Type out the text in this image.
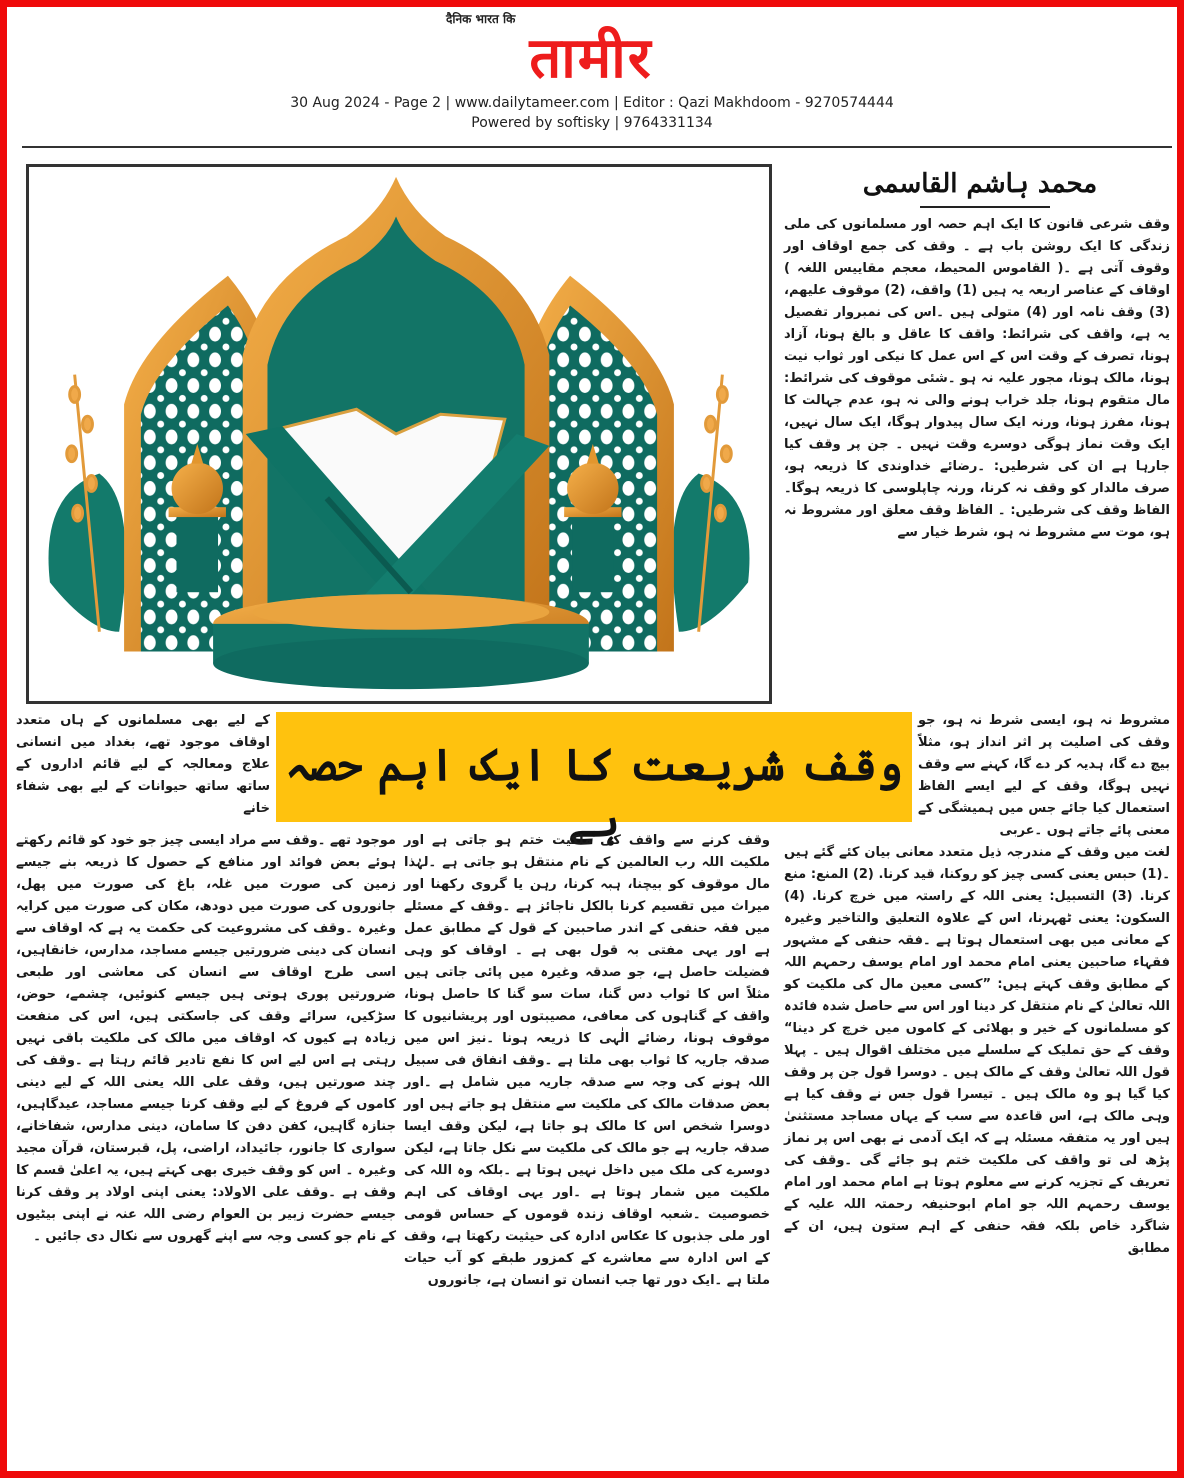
दैनिक भारत कि
तामीर
30 Aug 2024 - Page 2 | www.dailytameer.com | Editor : Qazi Makhdoom - 9270574444
Powered by softisky | 9764331134
محمد ہاشم القاسمی

وقف شرعی قانون کا ایک اہم حصہ اور مسلمانوں کی ملی زندگی کا ایک روشن باب ہے ۔ وقف کی جمع اوقاف اور وقوف آتی ہے ۔( القاموس المحیط، معجم مقاییس اللغہ ) اوقاف کے عناصر اربعہ یہ ہیں (1) واقف، (2) موقوف علیھم، (3) وقف نامہ اور (4) متولی ہیں ۔اس کی نمبروار تفصیل یہ ہے، واقف کی شرائط: واقف کا عاقل و بالغ ہونا، آزاد ہونا، تصرف کے وقت اس کے اس عمل کا نیکی اور ثواب نیت ہونا، مالک ہونا، مجور علیہ نہ ہو ۔شئی موقوف کی شرائط: مال متقوم ہونا، جلد خراب ہونے والی نہ ہو، عدم جہالت کا ہونا، مفرز ہونا، ورنہ ایک سال پیدوار ہوگا، ایک سال نہیں، ایک وقت نماز ہوگی دوسرے وقت نہیں ۔ جن پر وقف کیا جارہا ہے ان کی شرطیں: ۔رضائے خداوندی کا ذریعہ ہو، صرف مالدار کو وقف نہ کرنا، ورنہ چاپلوسی کا ذریعہ ہوگا۔ الفاظ وقف کی شرطیں: ۔ الفاظ وقف معلق اور مشروط نہ ہو، موت سے مشروط نہ ہو، شرط خیار سے

وقف شریعت کا ایک اہم حصہ ہے

مشروط نہ ہو، ایسی شرط نہ ہو، جو وقف کی اصلیت پر اثر انداز ہو، مثلاً بیچ دے گا، ہدیہ کر دے گا، کہنے سے وقف نہیں ہوگا، وقف کے لیے ایسے الفاظ استعمال کیا جائے جس میں ہمیشگی کے معنی پائے جاتے ہوں ۔عربی

لغت میں وقف کے مندرجہ ذیل متعدد معانی بیان کئے گئے ہیں ۔(1) حبس یعنی کسی چیز کو روکنا، قید کرنا. (2) المنع: منع کرنا. (3) التسبیل: یعنی اللہ کے راستہ میں خرچ کرنا. (4) السکون: یعنی ٹھہرنا، اس کے علاوہ التعلیق والتاخیر وغیرہ کے معانی میں بھی استعمال ہوتا ہے ۔فقہ حنفی کے مشہور فقہاء صاحبین یعنی امام محمد اور امام یوسف رحمہم اللہ کے مطابق وقف کہتے ہیں: ”کسی معین مال کی ملکیت کو اللہ تعالیٰ کے نام منتقل کر دینا اور اس سے حاصل شدہ فائدہ کو مسلمانوں کے خیر و بھلائی کے کاموں میں خرچ کر دینا“ وقف کے حق تملیک کے سلسلے میں مختلف اقوال ہیں ۔ پہلا قول اللہ تعالیٰ وقف کے مالک ہیں ۔ دوسرا قول جن پر وقف کیا گیا ہو وہ مالک ہیں ۔ تیسرا قول جس نے وقف کیا ہے وہی مالک ہے، اس قاعدہ سے سب کے یہاں مساجد مستثنیٰ ہیں اور یہ متفقہ مسئلہ ہے کہ ایک آدمی نے بھی اس پر نماز پڑھ لی تو واقف کی ملکیت ختم ہو جائے گی ۔وقف کی تعریف کے تجزیہ کرنے سے معلوم ہوتا ہے امام محمد اور امام یوسف رحمہم اللہ جو امام ابوحنیفہ رحمتہ اللہ علیہ کے شاگرد خاص بلکہ فقہ حنفی کے اہم ستون ہیں، ان کے مطابق

وقف کرنے سے واقف کی ملکیت ختم ہو جاتی ہے اور ملکیت اللہ رب العالمین کے نام منتقل ہو جاتی ہے ۔لہٰذا مال موقوف کو بیچنا، ہبہ کرنا، رہن یا گروی رکھنا اور میراث میں تقسیم کرنا بالکل ناجائز ہے ۔وقف کے مسئلے میں فقہ حنفی کے اندر صاحبین کے قول کے مطابق عمل ہے اور یہی مفتی بہ قول بھی ہے ۔ اوقاف کو وہی فضیلت حاصل ہے، جو صدقہ وغیرہ میں پائی جاتی ہیں مثلاً اس کا ثواب دس گنا، سات سو گنا کا حاصل ہونا، واقف کے گناہوں کی معافی، مصیبتوں اور پریشانیوں کا موقوف ہونا، رضائے الٰہی کا ذریعہ ہونا ۔نیز اس میں صدقہ جاریہ کا ثواب بھی ملتا ہے ۔وقف انفاق فی سبیل اللہ ہونے کی وجہ سے صدقہ جاریہ میں شامل ہے ۔اور بعض صدقات مالک کی ملکیت سے منتقل ہو جاتے ہیں اور دوسرا شخص اس کا مالک ہو جاتا ہے، لیکن وقف ایسا صدقہ جاریہ ہے جو مالک کی ملکیت سے نکل جاتا ہے، لیکن دوسرے کی ملک میں داخل نہیں ہوتا ہے ۔بلکہ وہ اللہ کی ملکیت میں شمار ہوتا ہے ۔اور یہی اوقاف کی اہم خصوصیت ۔شعبہ اوقاف زندہ قوموں کے حساس قومی اور ملی جذبوں کا عکاس ادارہ کی حیثیت رکھتا ہے، وقف کے اس ادارہ سے معاشرے کے کمزور طبقے کو آب حیات ملتا ہے ۔ایک دور تھا جب انسان تو انسان ہے، جانوروں

کے لیے بھی مسلمانوں کے ہاں متعدد اوقاف موجود تھے، بغداد میں انسانی علاج ومعالجہ کے لیے قائم اداروں کے ساتھ ساتھ حیوانات کے لیے بھی شفاء خانے

موجود تھے ۔وقف سے مراد ایسی چیز جو خود کو قائم رکھتے ہوئے بعض فوائد اور منافع کے حصول کا ذریعہ بنے جیسے زمین کی صورت میں غلہ، باغ کی صورت میں پھل، جانوروں کی صورت میں دودھ، مکان کی صورت میں کرایہ وغیرہ ۔وقف کی مشروعیت کی حکمت یہ ہے کہ اوقاف سے انسان کی دینی ضرورتیں جیسے مساجد، مدارس، خانقاہیں، اسی طرح اوقاف سے انسان کی معاشی اور طبعی ضرورتیں پوری ہوتی ہیں جیسے کنوئیں، چشمے، حوض، سڑکیں، سرائے وقف کی جاسکتی ہیں، اس کی منفعت زیادہ ہے کیوں کہ اوقاف میں مالک کی ملکیت باقی نہیں رہتی ہے اس لیے اس کا نفع تادیر قائم رہتا ہے ۔وقف کی چند صورتیں ہیں، وقف علی اللہ یعنی اللہ کے لیے دینی کاموں کے فروغ کے لیے وقف کرنا جیسے مساجد، عیدگاہیں، جنازہ گاہیں، کفن دفن کا سامان، دینی مدارس، شفاخانے، سواری کا جانور، جائیداد، اراضی، پل، قبرستان، قرآن مجید وغیرہ ۔ اس کو وقف خیری بھی کہتے ہیں، یہ اعلیٰ قسم کا وقف ہے ۔وقف علی الاولاد: یعنی اپنی اولاد پر وقف کرنا جیسے حضرت زبیر بن العوام رضی اللہ عنہ نے اپنی بیٹیوں کے نام جو کسی وجہ سے اپنے گھروں سے نکال دی جائیں ۔
